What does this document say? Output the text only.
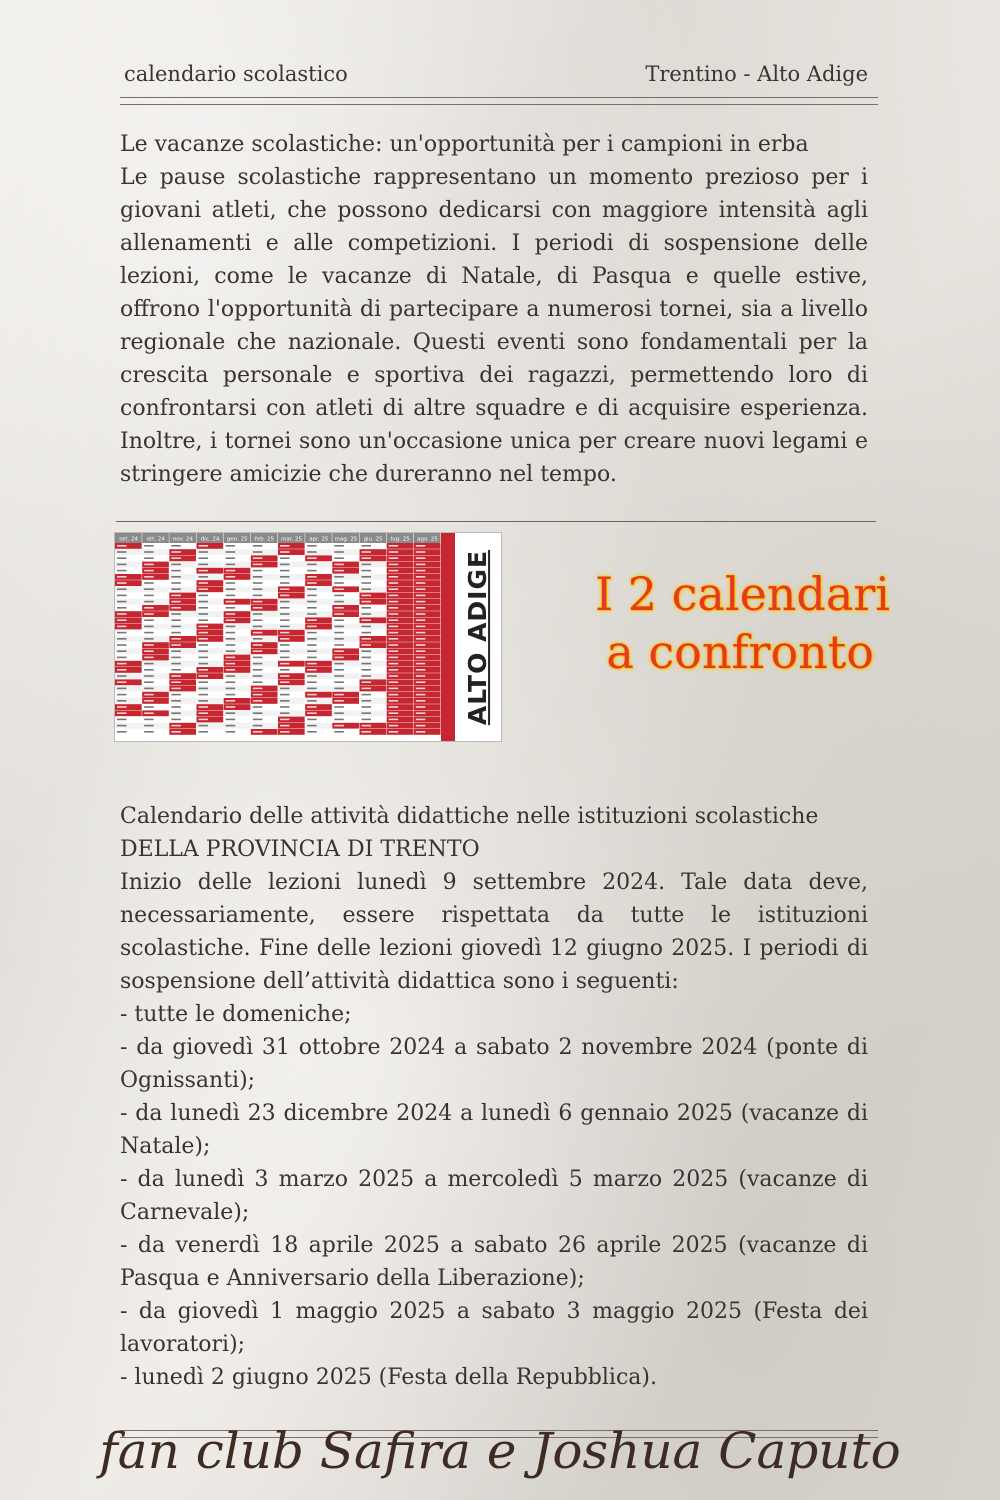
calendario scolastico	Trentino - Alto Adige

Le vacanze scolastiche: un'opportunità per i campioni in erba

Le pause scolastiche rappresentano un momento prezioso per i giovani atleti, che possono dedicarsi con maggiore intensità agli allenamenti e alle competizioni. I periodi di sospensione delle lezioni, come le vacanze di Natale, di Pasqua e quelle estive, offrono l'opportunità di partecipare a numerosi tornei, sia a livello regionale che nazionale. Questi eventi sono fondamentali per la crescita personale e sportiva dei ragazzi, permettendo loro di confrontarsi con atleti di altre squadre e di acquisire esperienza. Inoltre, i tornei sono un'occasione unica per creare nuovi legami e stringere amicizie che dureranno nel tempo.

set. 24 ott. 24 nov. 24 dic. 24 gen. 25 feb. 25 mar. 25 apr. 25 mag. 25 giu. 25 lug. 25 ago. 25
ALTO ADIGE	I 2 calendari
a confronto

Calendario delle attività didattiche nelle istituzioni scolastiche

DELLA PROVINCIA DI TRENTO

Inizio delle lezioni lunedì 9 settembre 2024. Tale data deve, necessariamente, essere rispettata da tutte le istituzioni scolastiche. Fine delle lezioni giovedì 12 giugno 2025. I periodi di sospensione dell’attività didattica sono i seguenti:

- tutte le domeniche;

- da giovedì 31 ottobre 2024 a sabato 2 novembre 2024 (ponte di Ognissanti);

- da lunedì 23 dicembre 2024 a lunedì 6 gennaio 2025 (vacanze di Natale);

- da lunedì 3 marzo 2025 a mercoledì 5 marzo 2025 (vacanze di Carnevale);

- da venerdì 18 aprile 2025 a sabato 26 aprile 2025 (vacanze di Pasqua e Anniversario della Liberazione);

- da giovedì 1 maggio 2025 a sabato 3 maggio 2025 (Festa dei lavoratori);

- lunedì 2 giugno 2025 (Festa della Repubblica).

fan club Safira e Joshua Caputo
